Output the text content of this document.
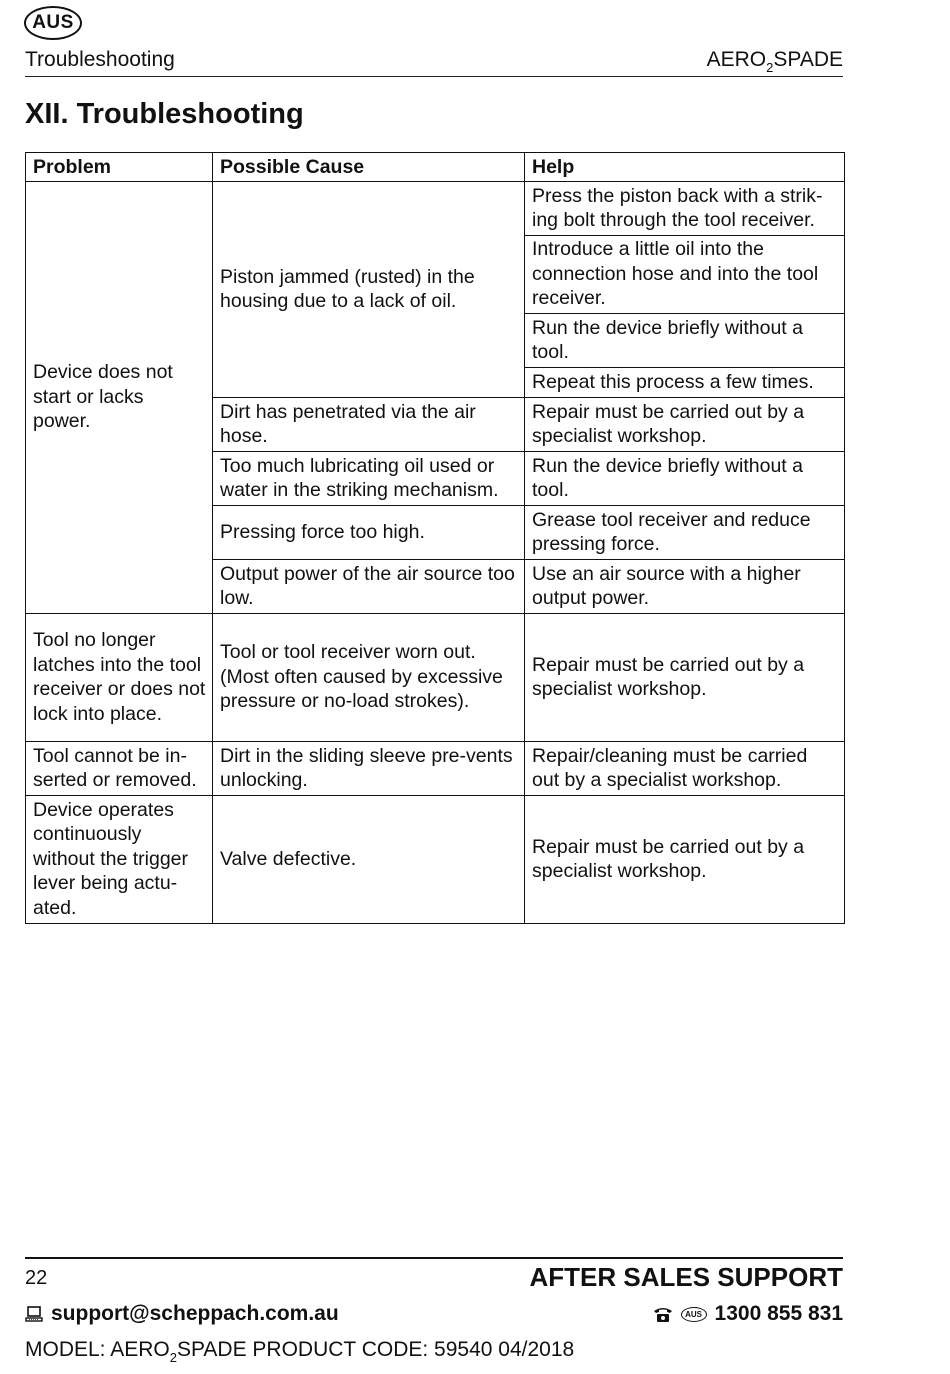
AUS
Troubleshooting	$AERO_2SPADE$
XII. Troubleshooting
Problem	Possible Cause	Help
Device does not start or lacks power.	Piston jammed (rusted) in the housing due to a lack of oil.	Press the piston back with a strik-ing bolt through the tool receiver.
		Introduce a little oil into the connection hose and into the tool receiver.
		Run the device briefly without a tool.
		Repeat this process a few times.
	Dirt has penetrated via the air hose.	Repair must be carried out by a specialist workshop.
	Too much lubricating oil used or water in the striking mechanism.	Run the device briefly without a tool.
	Pressing force too high.	Grease tool receiver and reduce pressing force.
	Output power of the air source too low.	Use an air source with a higher output power.
Tool no longer latches into the tool receiver or does not lock into place.	Tool or tool receiver worn out. (Most often caused by excessive pressure or no-load strokes).	Repair must be carried out by a specialist workshop.
Tool cannot be in-serted or removed.	Dirt in the sliding sleeve pre-vents unlocking.	Repair/cleaning must be carried out by a specialist workshop.
Device operates continuously without the trigger lever being actu-ated.	Valve defective.	Repair must be carried out by a specialist workshop.
22	AFTER SALES SUPPORT
support@scheppach.com.au	AUS 1300 855 831
MODEL: $AERO_2SPADE$ PRODUCT CODE: 59540 04/2018
